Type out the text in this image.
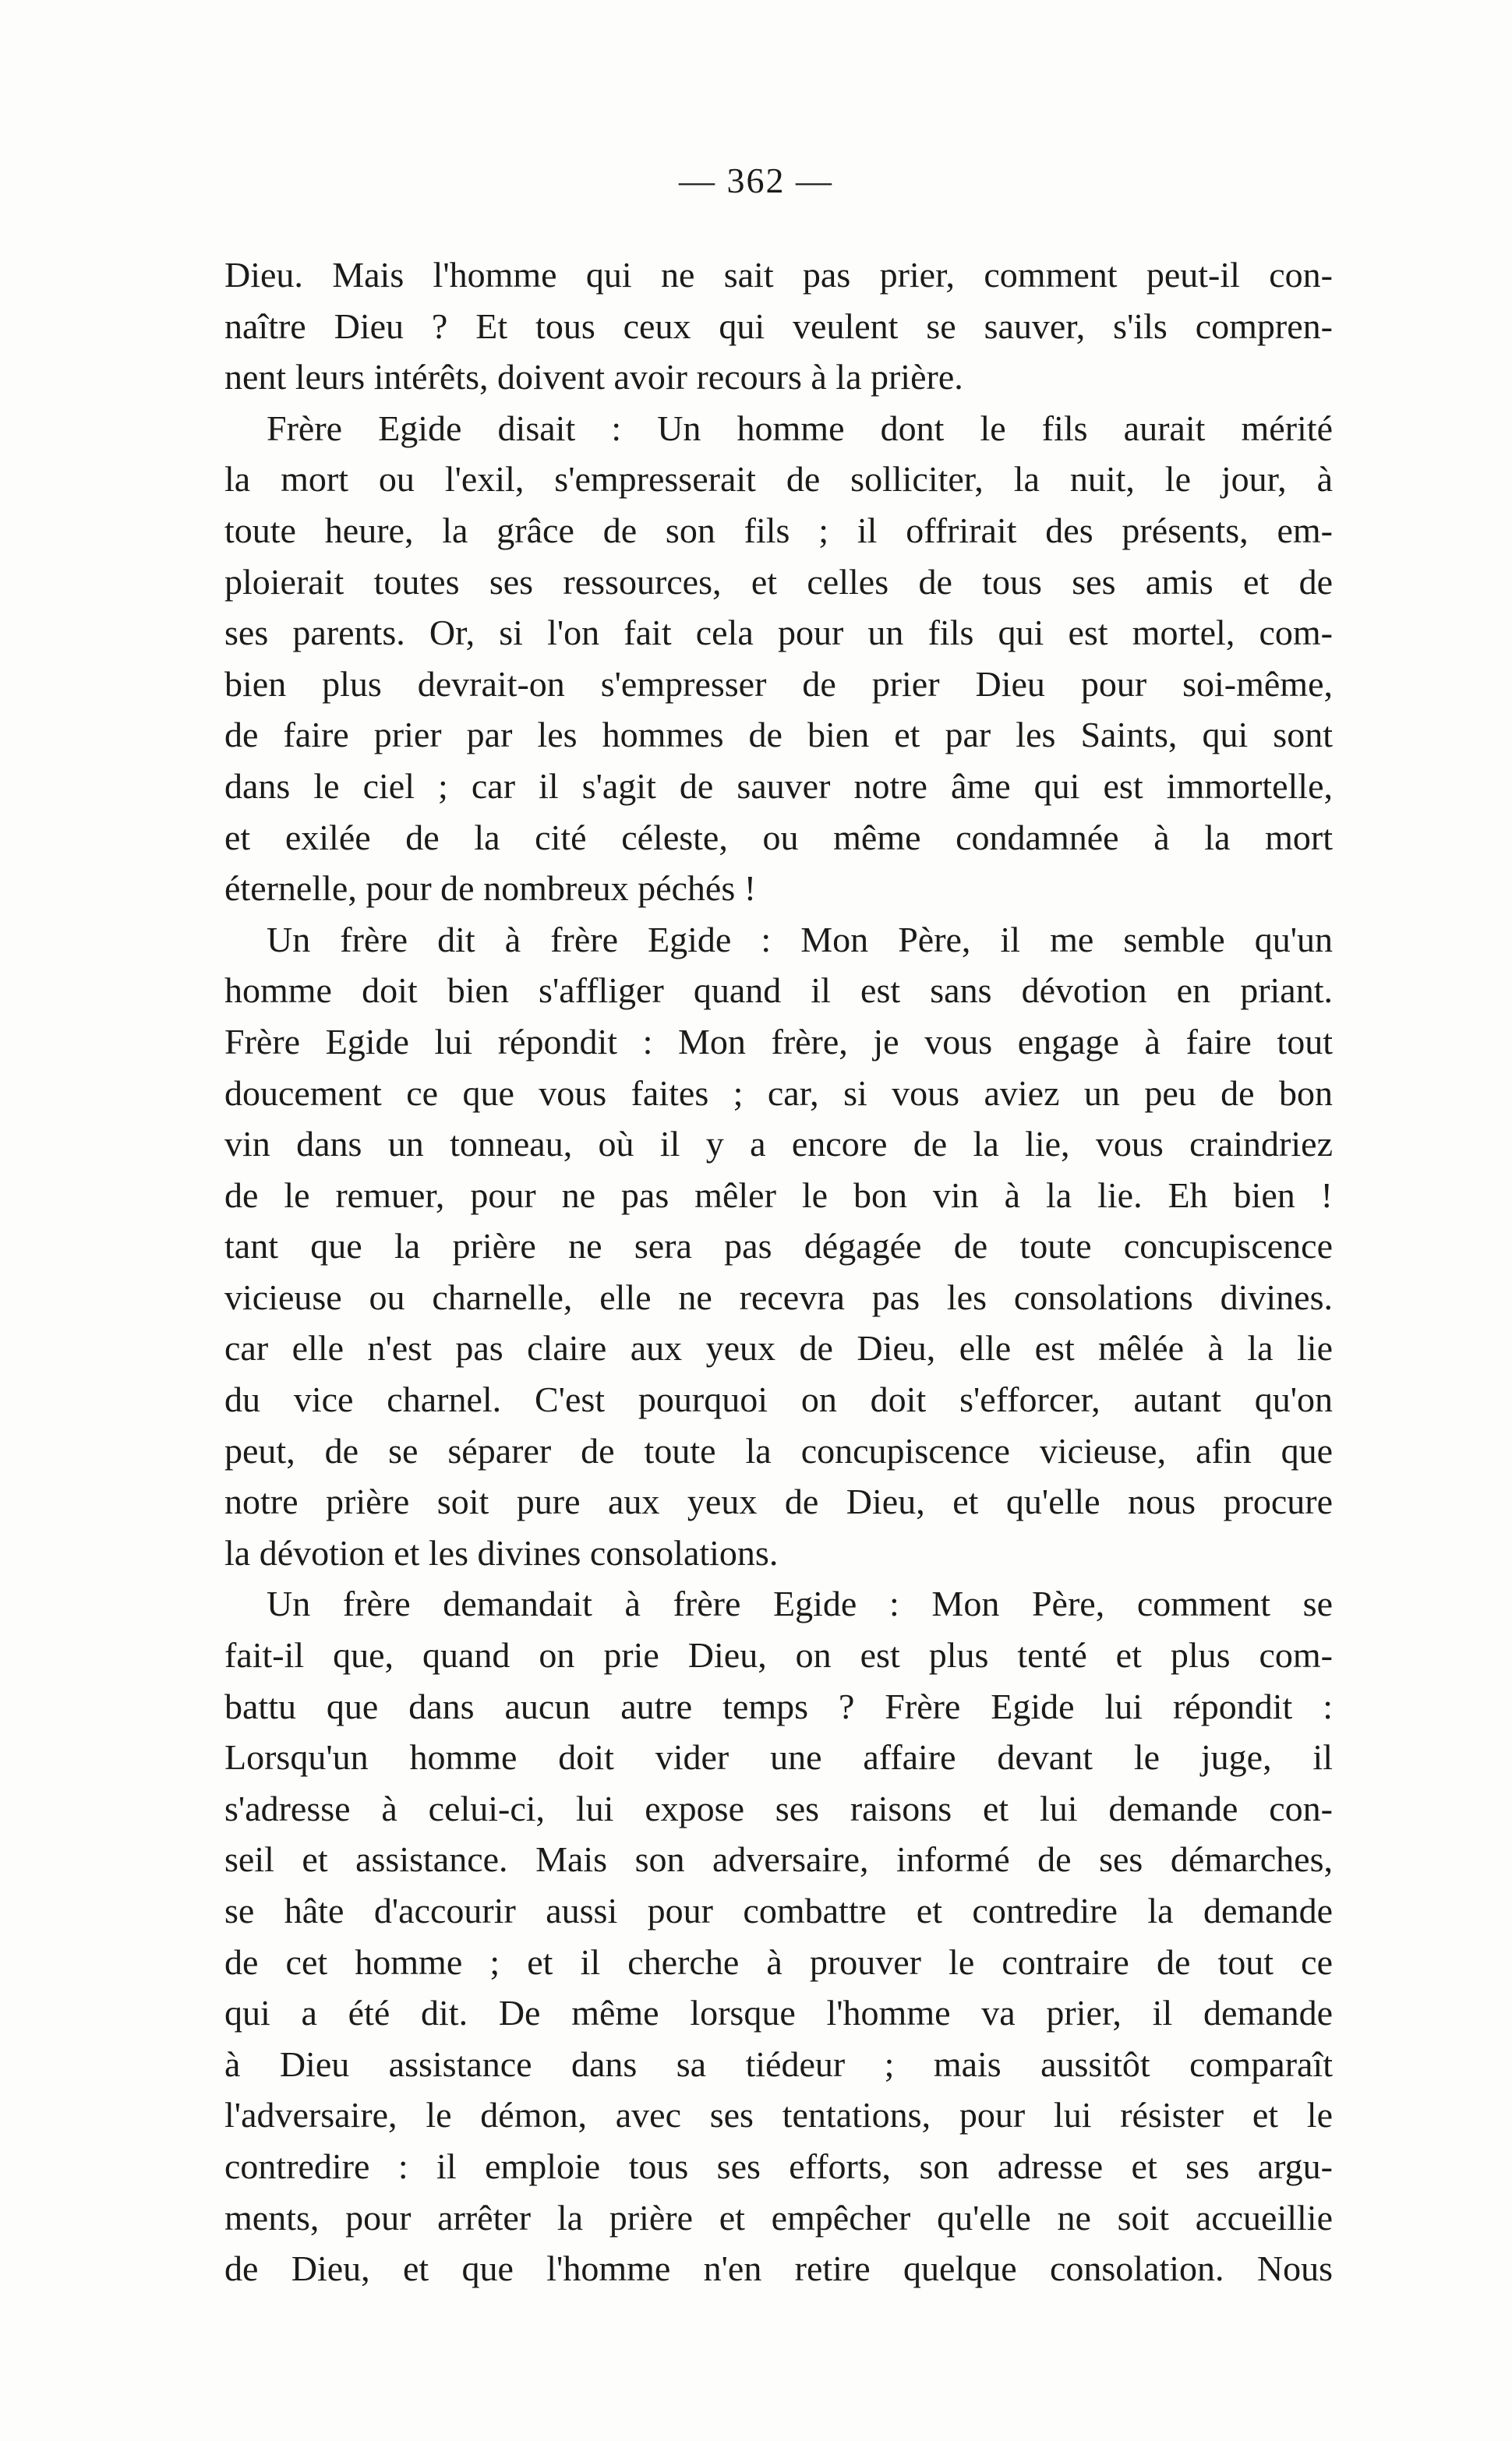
— 362 —
Dieu. Mais l'homme qui ne sait pas prier, comment peut-il con-
naître Dieu ? Et tous ceux qui veulent se sauver, s'ils compren-
nent leurs intérêts, doivent avoir recours à la prière.
Frère Egide disait : Un homme dont le fils aurait mérité
la mort ou l'exil, s'empresserait de solliciter, la nuit, le jour, à
toute heure, la grâce de son fils ; il offrirait des présents, em-
ploierait toutes ses ressources, et celles de tous ses amis et de
ses parents. Or, si l'on fait cela pour un fils qui est mortel, com-
bien plus devrait-on s'empresser de prier Dieu pour soi-même,
de faire prier par les hommes de bien et par les Saints, qui sont
dans le ciel ; car il s'agit de sauver notre âme qui est immortelle,
et exilée de la cité céleste, ou même condamnée à la mort
éternelle, pour de nombreux péchés !
Un frère dit à frère Egide : Mon Père, il me semble qu'un
homme doit bien s'affliger quand il est sans dévotion en priant.
Frère Egide lui répondit : Mon frère, je vous engage à faire tout
doucement ce que vous faites ; car, si vous aviez un peu de bon
vin dans un tonneau, où il y a encore de la lie, vous craindriez
de le remuer, pour ne pas mêler le bon vin à la lie. Eh bien !
tant que la prière ne sera pas dégagée de toute concupiscence
vicieuse ou charnelle, elle ne recevra pas les consolations divines.
car elle n'est pas claire aux yeux de Dieu, elle est mêlée à la lie
du vice charnel. C'est pourquoi on doit s'efforcer, autant qu'on
peut, de se séparer de toute la concupiscence vicieuse, afin que
notre prière soit pure aux yeux de Dieu, et qu'elle nous procure
la dévotion et les divines consolations.
Un frère demandait à frère Egide : Mon Père, comment se
fait-il que, quand on prie Dieu, on est plus tenté et plus com-
battu que dans aucun autre temps ? Frère Egide lui répondit :
Lorsqu'un homme doit vider une affaire devant le juge, il
s'adresse à celui-ci, lui expose ses raisons et lui demande con-
seil et assistance. Mais son adversaire, informé de ses démarches,
se hâte d'accourir aussi pour combattre et contredire la demande
de cet homme ; et il cherche à prouver le contraire de tout ce
qui a été dit. De même lorsque l'homme va prier, il demande
à Dieu assistance dans sa tiédeur ; mais aussitôt comparaît
l'adversaire, le démon, avec ses tentations, pour lui résister et le
contredire : il emploie tous ses efforts, son adresse et ses argu-
ments, pour arrêter la prière et empêcher qu'elle ne soit accueillie
de Dieu, et que l'homme n'en retire quelque consolation. Nous
